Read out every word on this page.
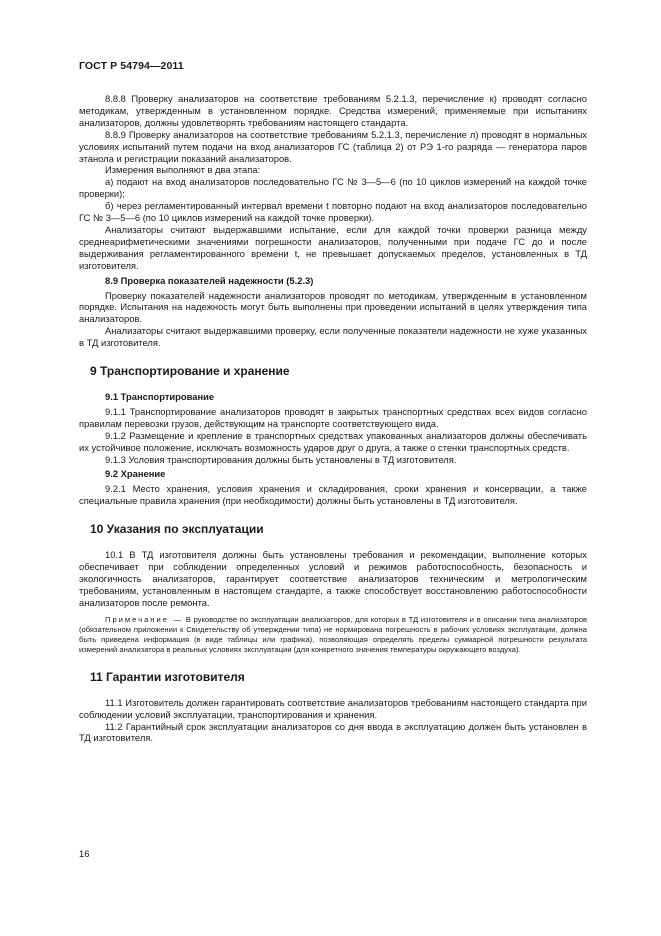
ГОСТ Р 54794—2011

8.8.8 Проверку анализаторов на соответствие требованиям 5.2.1.3, перечисление к) проводят согласно методикам, утвержденным в установленном порядке. Средства измерений, применяемые при испытаниях анализаторов, должны удовлетворять требованиям настоящего стандарта.

8.8.9 Проверку анализаторов на соответствие требованиям 5.2.1.3, перечисление л) проводят в нормальных условиях испытаний путем подачи на вход анализаторов ГС (таблица 2) от РЭ 1-го разряда — генератора паров этанола и регистрации показаний анализаторов.

Измерения выполняют в два этапа:

а) подают на вход анализаторов последовательно ГС № 3—5—6 (по 10 циклов измерений на каждой точке проверки);

б) через регламентированный интервал времени t повторно подают на вход анализаторов последовательно ГС № 3—5—6 (по 10 циклов измерений на каждой точке проверки).

Анализаторы считают выдержавшими испытание, если для каждой точки проверки разница между среднеарифметическими значениями погрешности анализаторов, полученными при подаче ГС до и после выдерживания регламентированного времени t, не превышает допускаемых пределов, установленных в ТД изготовителя.

8.9 Проверка показателей надежности (5.2.3)

Проверку показателей надежности анализаторов проводят по методикам, утвержденным в установленном порядке. Испытания на надежность могут быть выполнены при проведении испытаний в целях утверждения типа анализаторов.

Анализаторы считают выдержавшими проверку, если полученные показатели надежности не хуже указанных в ТД изготовителя.

9 Транспортирование и хранение
9.1 Транспортирование

9.1.1 Транспортирование анализаторов проводят в закрытых транспортных средствах всех видов согласно правилам перевозки грузов, действующим на транспорте соответствующего вида.

9.1.2 Размещение и крепление в транспортных средствах упакованных анализаторов должны обеспечивать их устойчивое положение, исключать возможность ударов друг о друга, а также о стенки транспортных средств.

9.1.3 Условия транспортирования должны быть установлены в ТД изготовителя.

9.2 Хранение

9.2.1 Место хранения, условия хранения и складирования, сроки хранения и консервации, а также специальные правила хранения (при необходимости) должны быть установлены в ТД изготовителя.

10 Указания по эксплуатации

10.1 В ТД изготовителя должны быть установлены требования и рекомендации, выполнение которых обеспечивает при соблюдении определенных условий и режимов работоспособность, безопасность и экологичность анализаторов, гарантирует соответствие анализаторов техническим и метрологическим требованиям, установленным в настоящем стандарте, а также способствует восстановлению работоспособности анализаторов после ремонта.

Примечание — В руководстве по эксплуатации анализаторов, для которых в ТД изготовителя и в описании типа анализаторов (обязательном приложении к Свидетельству об утверждении типа) не нормирована погрешность в рабочих условиях эксплуатации, должна быть приведена информация (в виде таблицы или графика), позволяющая определять пределы суммарной погрешности результата измерений анализатора в реальных условиях эксплуатации (для конкретного значения температуры окружающего воздуха).

11 Гарантии изготовителя

11.1 Изготовитель должен гарантировать соответствие анализаторов требованиям настоящего стандарта при соблюдении условий эксплуатации, транспортирования и хранения.

11.2 Гарантийный срок эксплуатации анализаторов со дня ввода в эксплуатацию должен быть установлен в ТД изготовителя.

16
